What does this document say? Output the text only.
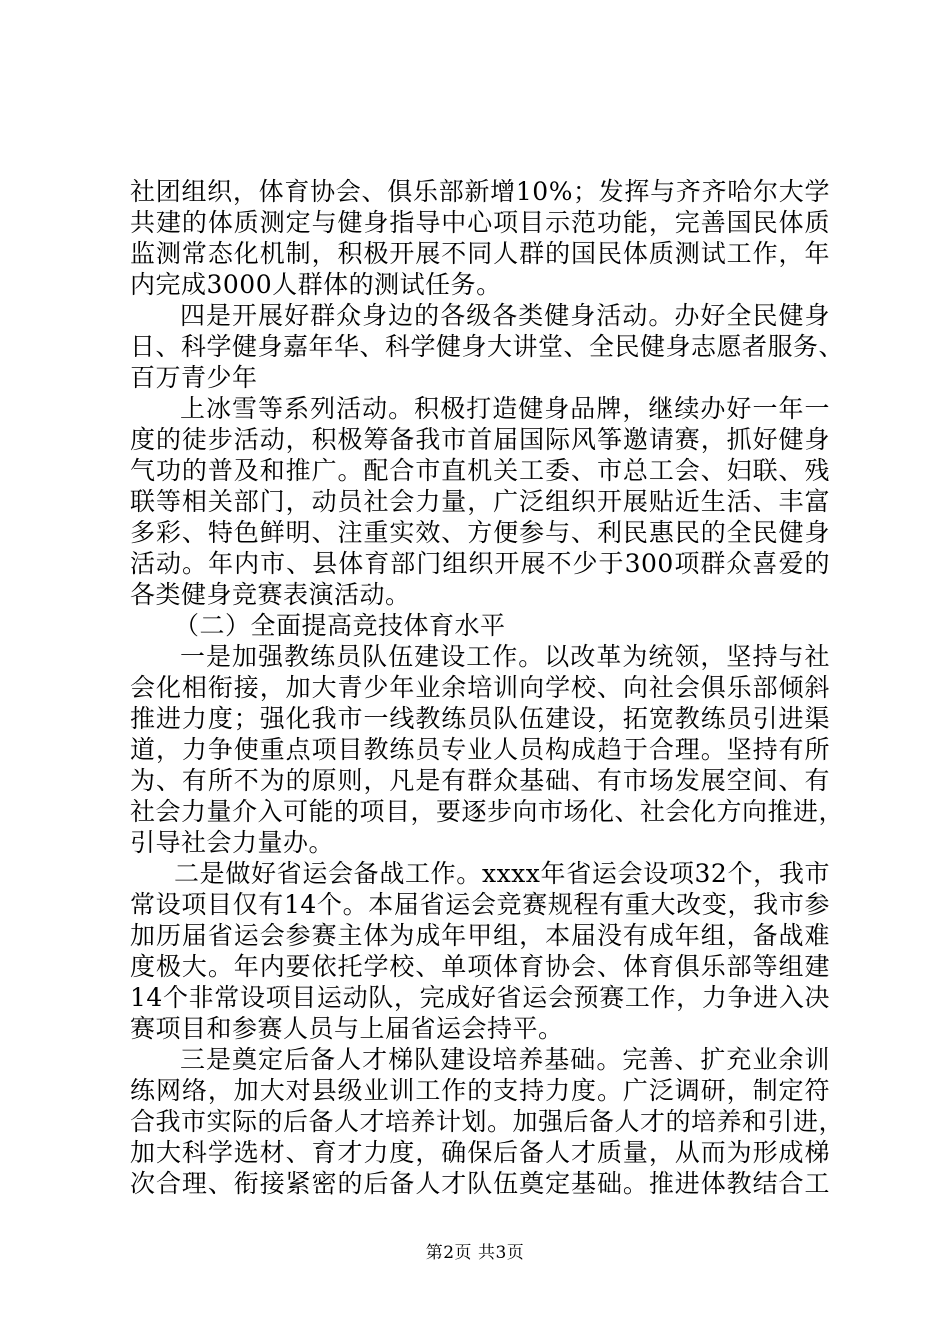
社团组织，体育协会、俱乐部新增10%；发挥与齐齐哈尔大学
共建的体质测定与健身指导中心项目示范功能，完善国民体质
监测常态化机制，积极开展不同人群的国民体质测试工作，年
内完成3000人群体的测试任务。
四是开展好群众身边的各级各类健身活动。办好全民健身
日、科学健身嘉年华、科学健身大讲堂、全民健身志愿者服务、
百万青少年
上冰雪等系列活动。积极打造健身品牌，继续办好一年一
度的徒步活动，积极筹备我市首届国际风筝邀请赛，抓好健身
气功的普及和推广。配合市直机关工委、市总工会、妇联、残
联等相关部门，动员社会力量，广泛组织开展贴近生活、丰富
多彩、特色鲜明、注重实效、方便参与、利民惠民的全民健身
活动。年内市、县体育部门组织开展不少于300项群众喜爱的
各类健身竞赛表演活动。
（二）全面提高竞技体育水平
一是加强教练员队伍建设工作。以改革为统领，坚持与社
会化相衔接，加大青少年业余培训向学校、向社会俱乐部倾斜
推进力度；强化我市一线教练员队伍建设，拓宽教练员引进渠
道，力争使重点项目教练员专业人员构成趋于合理。坚持有所
为、有所不为的原则，凡是有群众基础、有市场发展空间、有
社会力量介入可能的项目，要逐步向市场化、社会化方向推进，
引导社会力量办。
二是做好省运会备战工作。xxxx年省运会设项32个，我市
常设项目仅有14个。本届省运会竞赛规程有重大改变，我市参
加历届省运会参赛主体为成年甲组，本届没有成年组，备战难
度极大。年内要依托学校、单项体育协会、体育俱乐部等组建
14个非常设项目运动队，完成好省运会预赛工作，力争进入决
赛项目和参赛人员与上届省运会持平。
三是奠定后备人才梯队建设培养基础。完善、扩充业余训
练网络，加大对县级业训工作的支持力度。广泛调研，制定符
合我市实际的后备人才培养计划。加强后备人才的培养和引进，
加大科学选材、育才力度，确保后备人才质量，从而为形成梯
次合理、衔接紧密的后备人才队伍奠定基础。推进体教结合工
第2页 共3页
